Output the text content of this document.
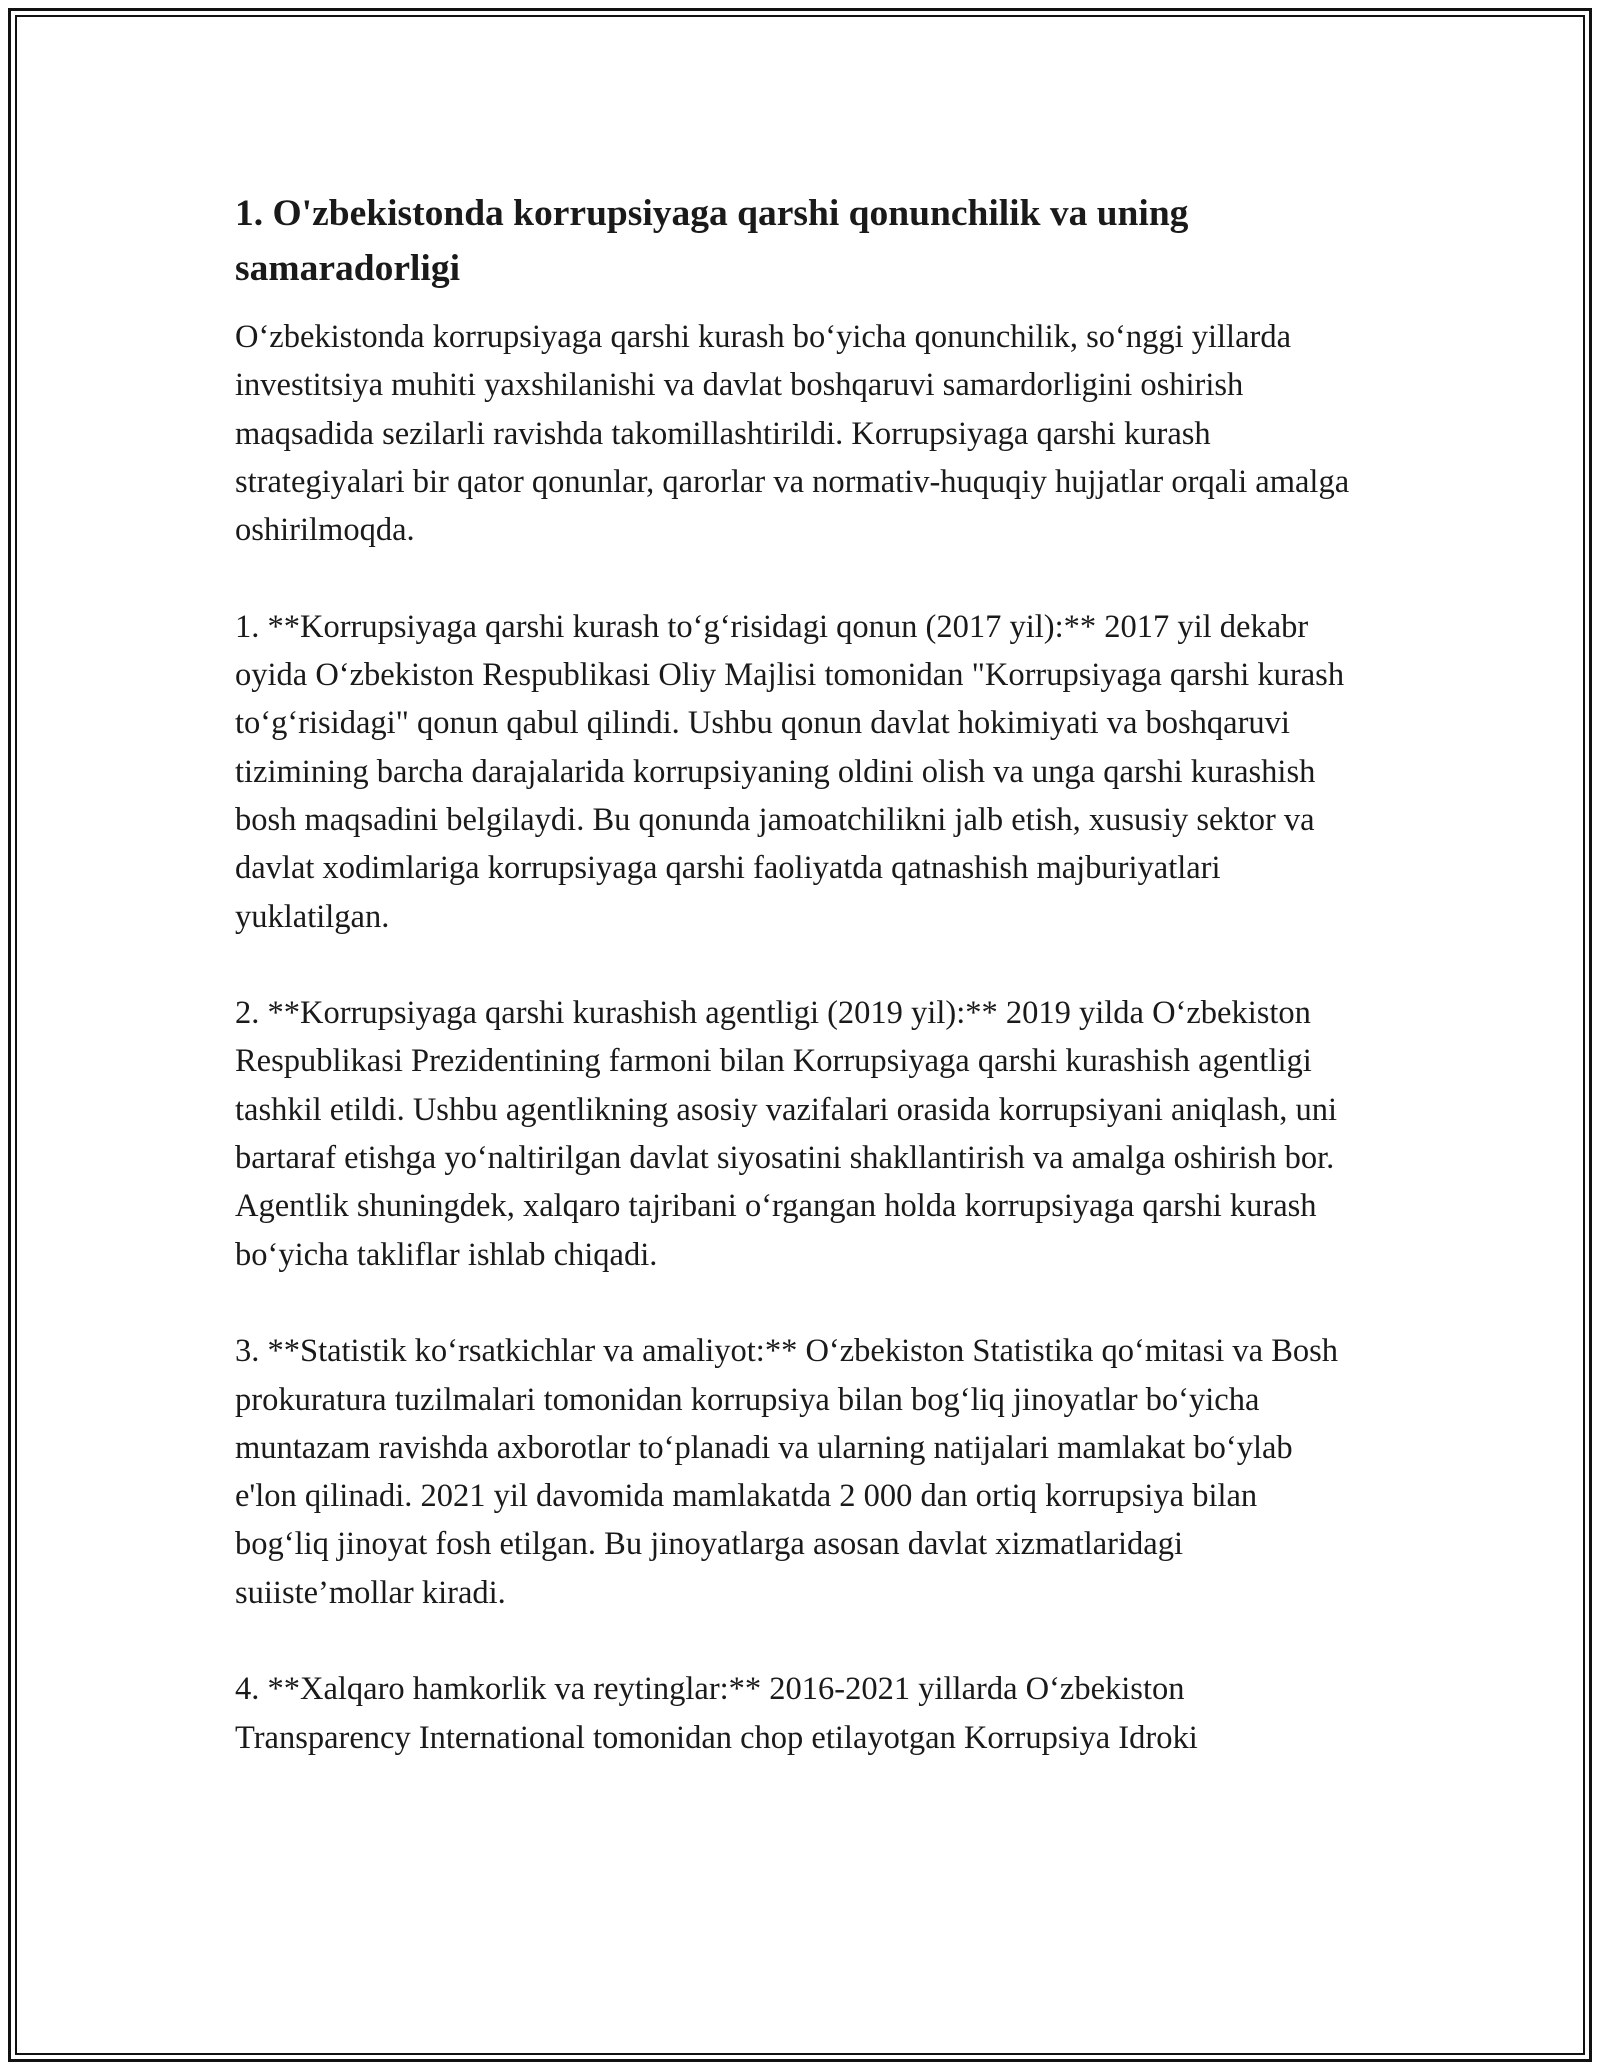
1. O'zbekistonda korrupsiyaga qarshi qonunchilik va uning samaradorligi

O‘zbekistonda korrupsiyaga qarshi kurash bo‘yicha qonunchilik, so‘nggi yillarda investitsiya muhiti yaxshilanishi va davlat boshqaruvi samardorligini oshirish maqsadida sezilarli ravishda takomillashtirildi. Korrupsiyaga qarshi kurash strategiyalari bir qator qonunlar, qarorlar va normativ-huquqiy hujjatlar orqali amalga oshirilmoqda.

1. **Korrupsiyaga qarshi kurash to‘g‘risidagi qonun (2017 yil):** 2017 yil dekabr oyida O‘zbekiston Respublikasi Oliy Majlisi tomonidan "Korrupsiyaga qarshi kurash to‘g‘risidagi" qonun qabul qilindi. Ushbu qonun davlat hokimiyati va boshqaruvi tizimining barcha darajalarida korrupsiyaning oldini olish va unga qarshi kurashish bosh maqsadini belgilaydi. Bu qonunda jamoatchilikni jalb etish, xususiy sektor va davlat xodimlariga korrupsiyaga qarshi faoliyatda qatnashish majburiyatlari yuklatilgan.

2. **Korrupsiyaga qarshi kurashish agentligi (2019 yil):** 2019 yilda O‘zbekiston Respublikasi Prezidentining farmoni bilan Korrupsiyaga qarshi kurashish agentligi tashkil etildi. Ushbu agentlikning asosiy vazifalari orasida korrupsiyani aniqlash, uni bartaraf etishga yo‘naltirilgan davlat siyosatini shakllantirish va amalga oshirish bor. Agentlik shuningdek, xalqaro tajribani o‘rgangan holda korrupsiyaga qarshi kurash bo‘yicha takliflar ishlab chiqadi.

3. **Statistik ko‘rsatkichlar va amaliyot:** O‘zbekiston Statistika qo‘mitasi va Bosh prokuratura tuzilmalari tomonidan korrupsiya bilan bog‘liq jinoyatlar bo‘yicha muntazam ravishda axborotlar to‘planadi va ularning natijalari mamlakat bo‘ylab e'lon qilinadi. 2021 yil davomida mamlakatda 2 000 dan ortiq korrupsiya bilan bog‘liq jinoyat fosh etilgan. Bu jinoyatlarga asosan davlat xizmatlaridagi suiiste’mollar kiradi.

4. **Xalqaro hamkorlik va reytinglar:** 2016-2021 yillarda O‘zbekiston Transparency International tomonidan chop etilayotgan Korrupsiya Idroki
